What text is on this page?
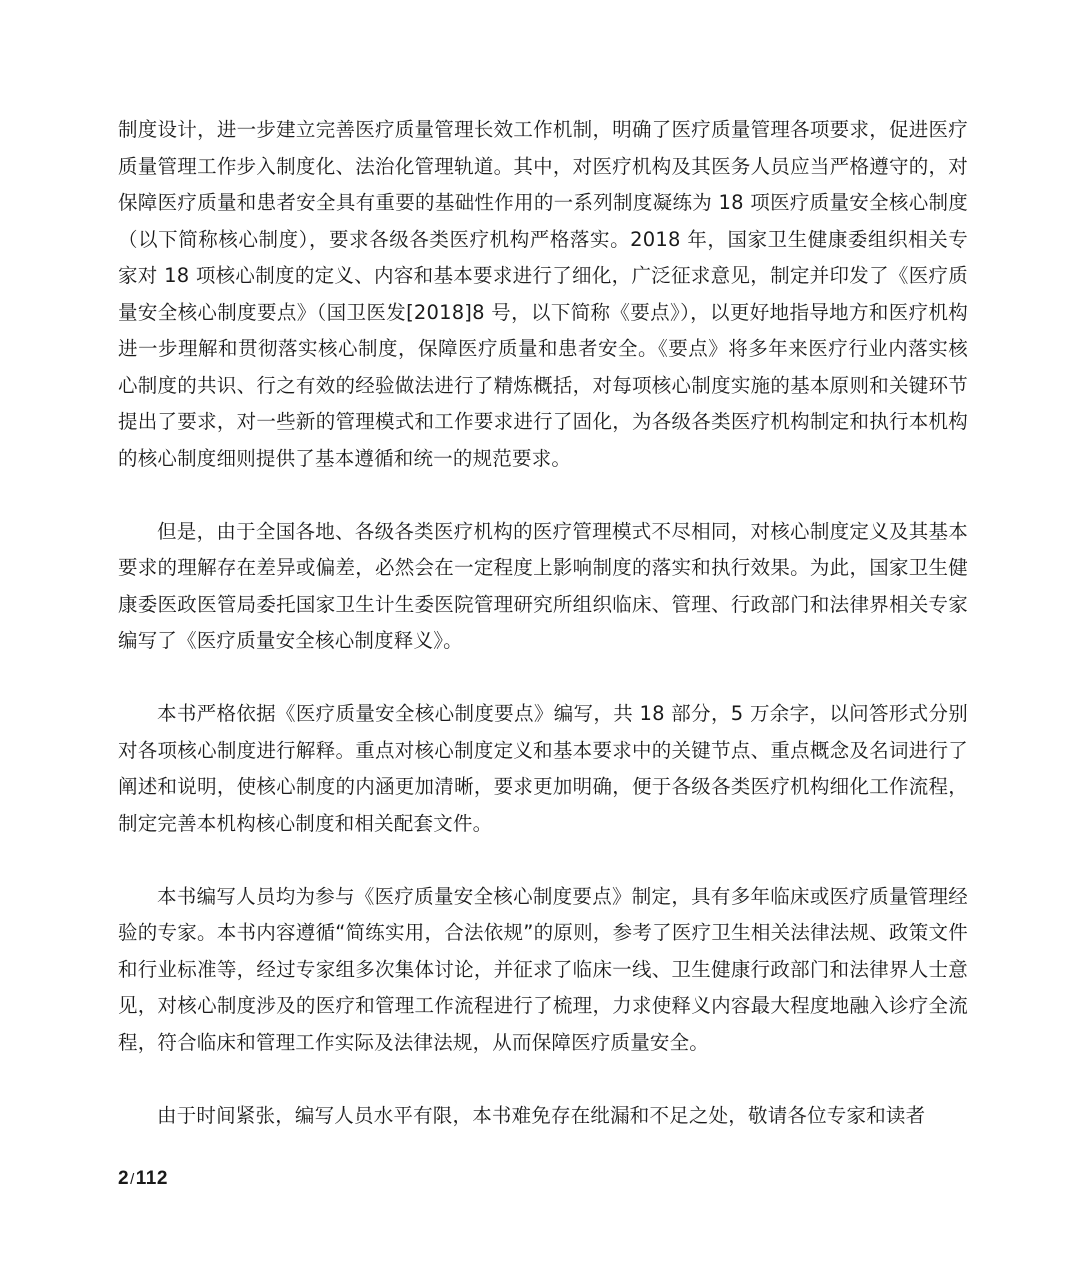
制度设计，进一步建立完善医疗质量管理长效工作机制，明确了医疗质量管理各项要求，促进医疗质量管理工作步入制度化、法治化管理轨道。其中，对医疗机构及其医务人员应当严格遵守的，对保障医疗质量和患者安全具有重要的基础性作用的一系列制度凝练为 18 项医疗质量安全核心制度（以下简称核心制度），要求各级各类医疗机构严格落实。2018 年，国家卫生健康委组织相关专家对 18 项核心制度的定义、内容和基本要求进行了细化，广泛征求意见，制定并印发了《医疗质量安全核心制度要点》（国卫医发[2018]8 号，以下简称《要点》），以更好地指导地方和医疗机构进一步理解和贯彻落实核心制度，保障医疗质量和患者安全。《要点》将多年来医疗行业内落实核心制度的共识、行之有效的经验做法进行了精炼概括，对每项核心制度实施的基本原则和关键环节提出了要求，对一些新的管理模式和工作要求进行了固化，为各级各类医疗机构制定和执行本机构的核心制度细则提供了基本遵循和统一的规范要求。

但是，由于全国各地、各级各类医疗机构的医疗管理模式不尽相同，对核心制度定义及其基本要求的理解存在差异或偏差，必然会在一定程度上影响制度的落实和执行效果。为此，国家卫生健康委医政医管局委托国家卫生计生委医院管理研究所组织临床、管理、行政部门和法律界相关专家编写了《医疗质量安全核心制度释义》。

本书严格依据《医疗质量安全核心制度要点》编写，共 18 部分，5 万余字，以问答形式分别对各项核心制度进行解释。重点对核心制度定义和基本要求中的关键节点、重点概念及名词进行了阐述和说明，使核心制度的内涵更加清晰，要求更加明确，便于各级各类医疗机构细化工作流程，制定完善本机构核心制度和相关配套文件。

本书编写人员均为参与《医疗质量安全核心制度要点》制定，具有多年临床或医疗质量管理经验的专家。本书内容遵循“简练实用，合法依规”的原则，参考了医疗卫生相关法律法规、政策文件和行业标准等，经过专家组多次集体讨论，并征求了临床一线、卫生健康行政部门和法律界人士意见，对核心制度涉及的医疗和管理工作流程进行了梳理，力求使释义内容最大程度地融入诊疗全流程，符合临床和管理工作实际及法律法规，从而保障医疗质量安全。

由于时间紧张，编写人员水平有限，本书难免存在纰漏和不足之处，敬请各位专家和读者

2/112
